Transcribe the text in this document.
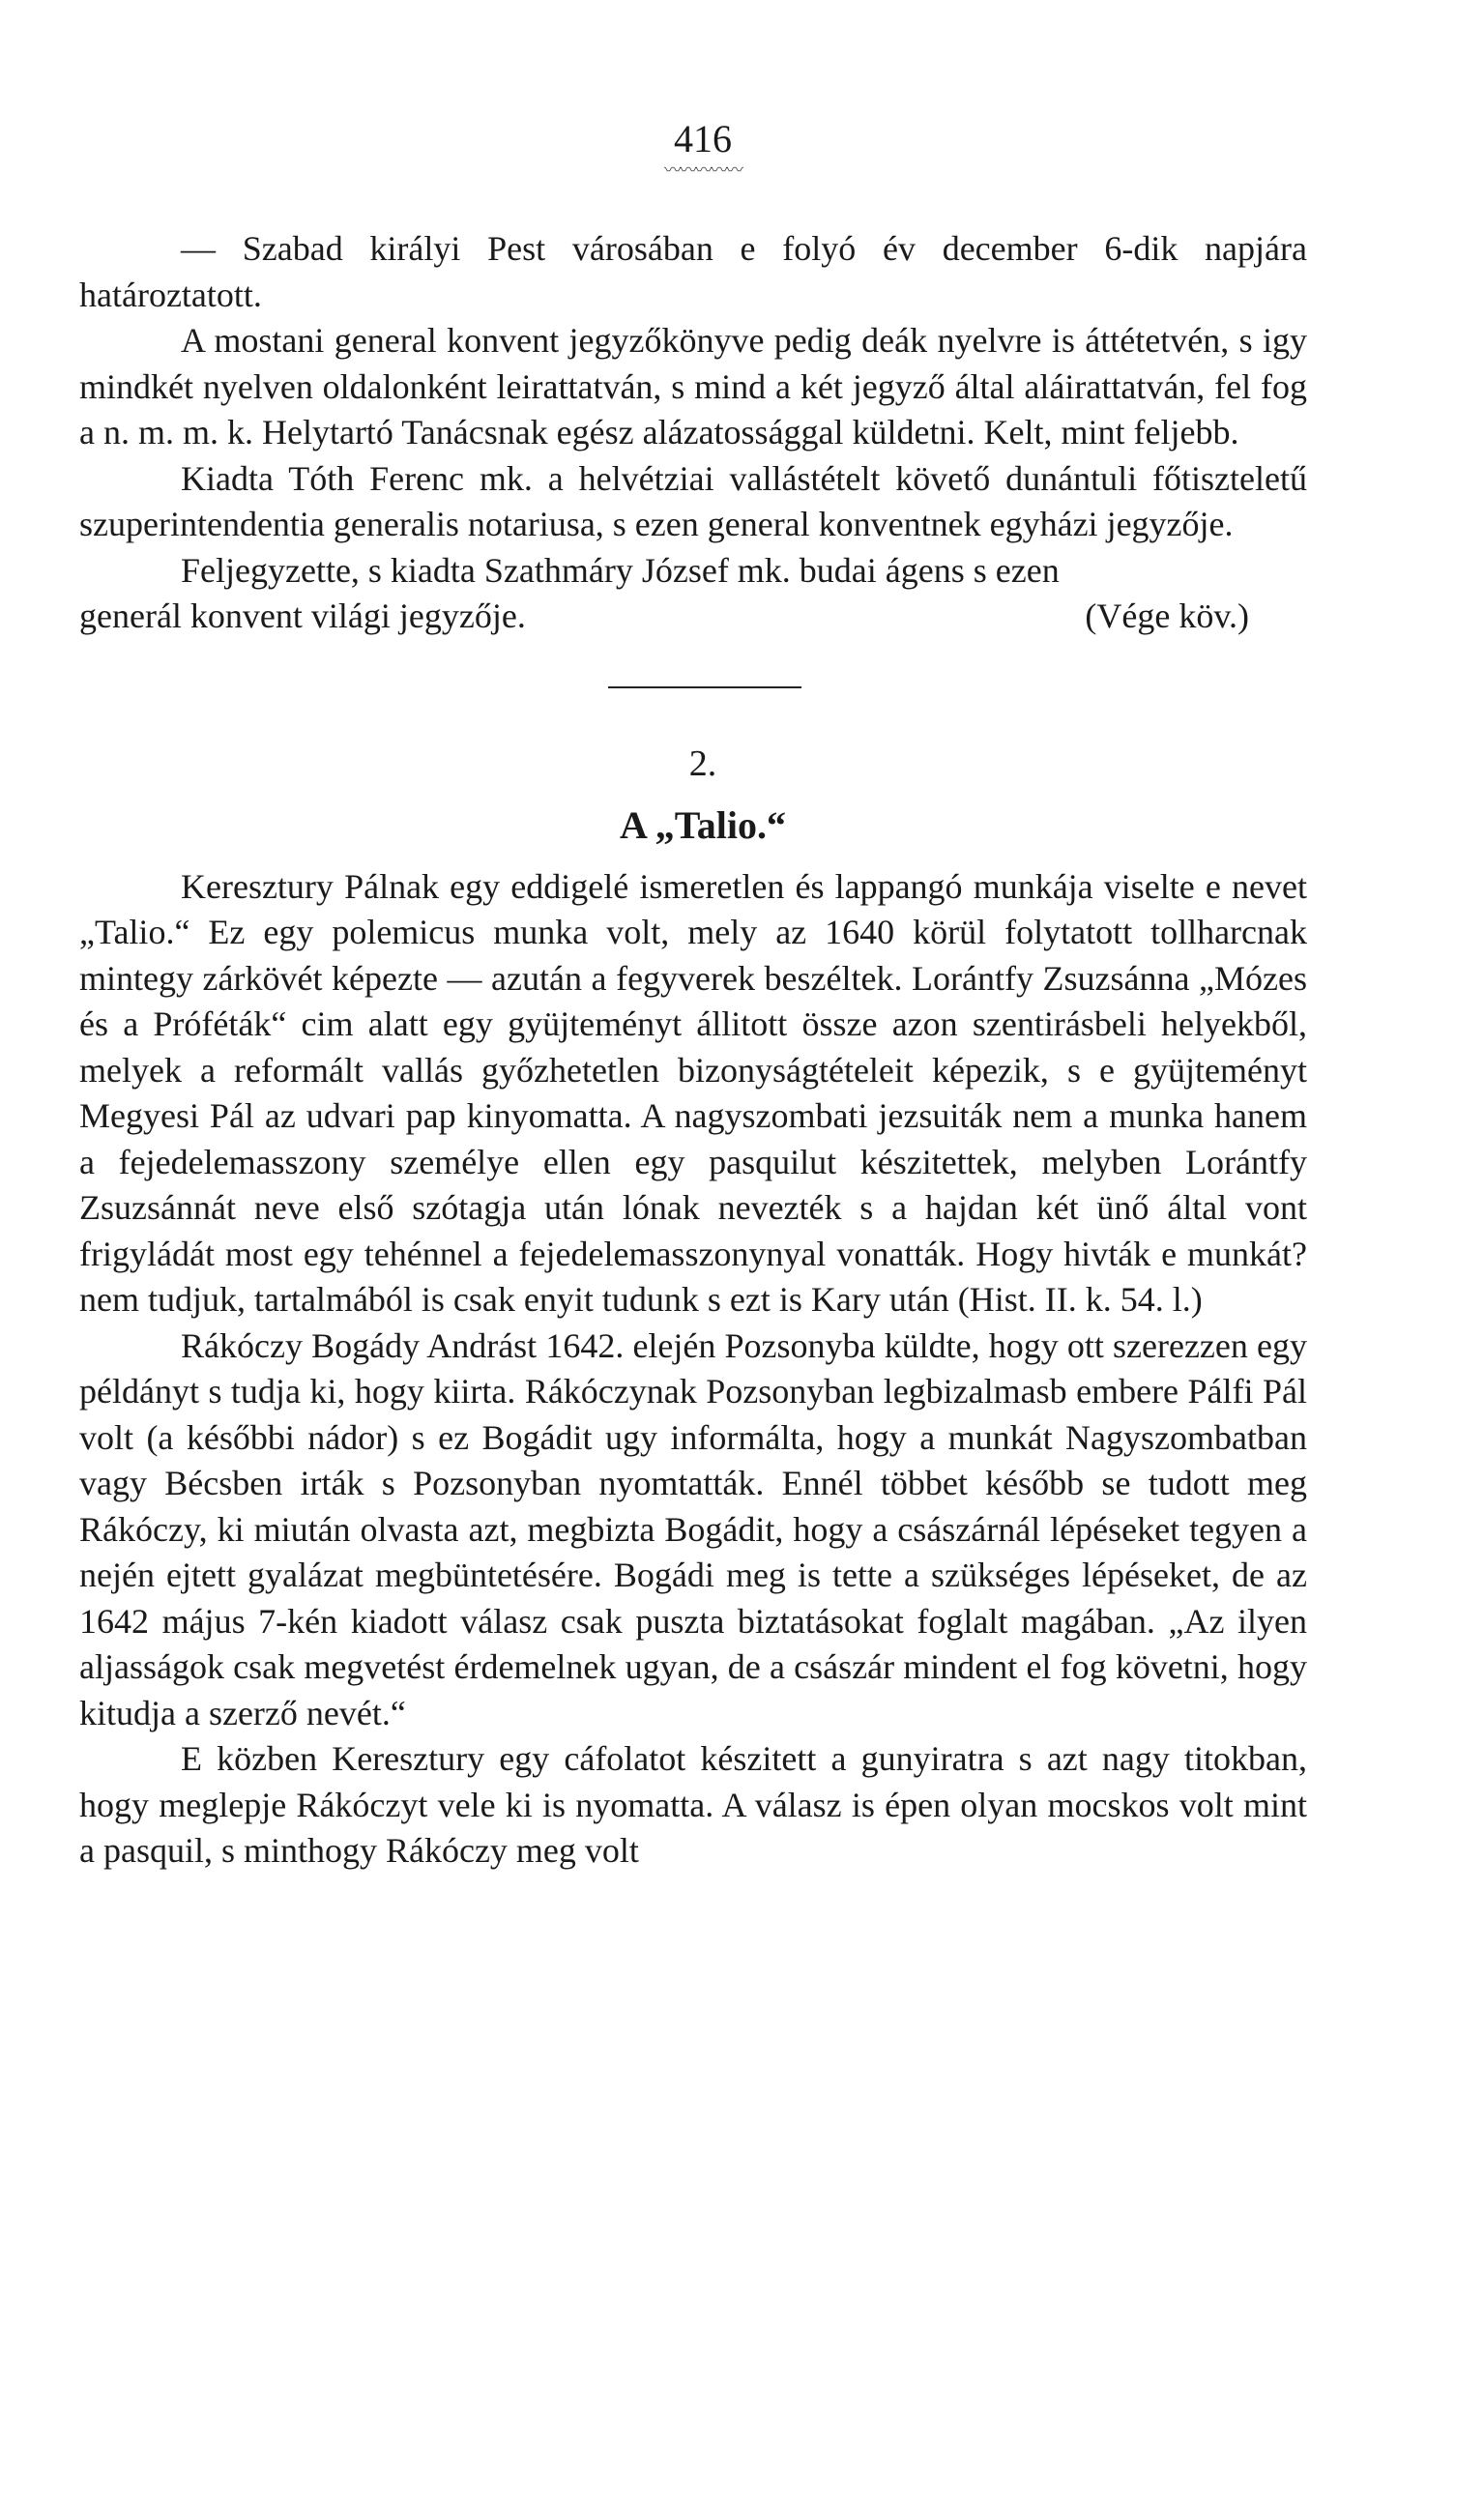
416
〰〰〰〰〰

— Szabad királyi Pest városában e folyó év december 6-dik napjára határoztatott.

A mostani general konvent jegyzőkönyve pedig deák nyelvre is áttétetvén, s igy mindkét nyelven oldalonként leirattatván, s mind a két jegyző által aláirattatván, fel fog a n. m. m. k. Helytartó Tanácsnak egész alázatossággal küldetni. Kelt, mint feljebb.

Kiadta Tóth Ferenc mk. a helvétziai vallástételt követő dunántuli főtiszteletű szuperintendentia generalis notariusa, s ezen general konventnek egyházi jegyzője.

Feljegyzette, s kiadta Szathmáry József mk. budai ágens s ezen

generál konvent világi jegyzője.	(Vége köv.)
2.
A „Talio.“

Keresztury Pálnak egy eddigelé ismeretlen és lappangó munkája viselte e nevet „Talio.“ Ez egy polemicus munka volt, mely az 1640 körül folytatott tollharcnak mintegy zárkövét képezte — azután a fegyverek beszéltek. Lorántfy Zsuzsánna „Mózes és a Próféták“ cim alatt egy gyüjteményt állitott össze azon szentirásbeli helyekből, melyek a reformált vallás győzhetetlen bizonyságtételeit képezik, s e gyüjteményt Megyesi Pál az udvari pap kinyomatta. A nagyszombati jezsuiták nem a munka hanem a fejedelemasszony személye ellen egy pasquilut készitettek, melyben Lorántfy Zsuzsánnát neve első szótagja után lónak nevezték s a hajdan két ünő által vont frigyládát most egy tehénnel a fejedelemasszonynyal vonatták. Hogy hivták e munkát? nem tudjuk, tartalmából is csak enyit tudunk s ezt is Kary után (Hist. II. k. 54. l.)

Rákóczy Bogády Andrást 1642. elején Pozsonyba küldte, hogy ott szerezzen egy példányt s tudja ki, hogy kiirta. Rákóczynak Pozsonyban legbizalmasb embere Pálfi Pál volt (a későbbi nádor) s ez Bogádit ugy informálta, hogy a munkát Nagyszombatban vagy Bécsben irták s Pozsonyban nyomtatták. Ennél többet később se tudott meg Rákóczy, ki miután olvasta azt, megbizta Bogádit, hogy a császárnál lépéseket tegyen a nején ejtett gyalázat megbüntetésére. Bogádi meg is tette a szükséges lépéseket, de az 1642 május 7-kén kiadott válasz csak puszta biztatásokat foglalt magában. „Az ilyen aljasságok csak megvetést érdemelnek ugyan, de a császár mindent el fog követni, hogy kitudja a szerző nevét.“

E közben Keresztury egy cáfolatot készitett a gunyiratra s azt nagy titokban, hogy meglepje Rákóczyt vele ki is nyomatta. A válasz is épen olyan mocskos volt mint a pasquil, s minthogy Rákóczy meg volt
